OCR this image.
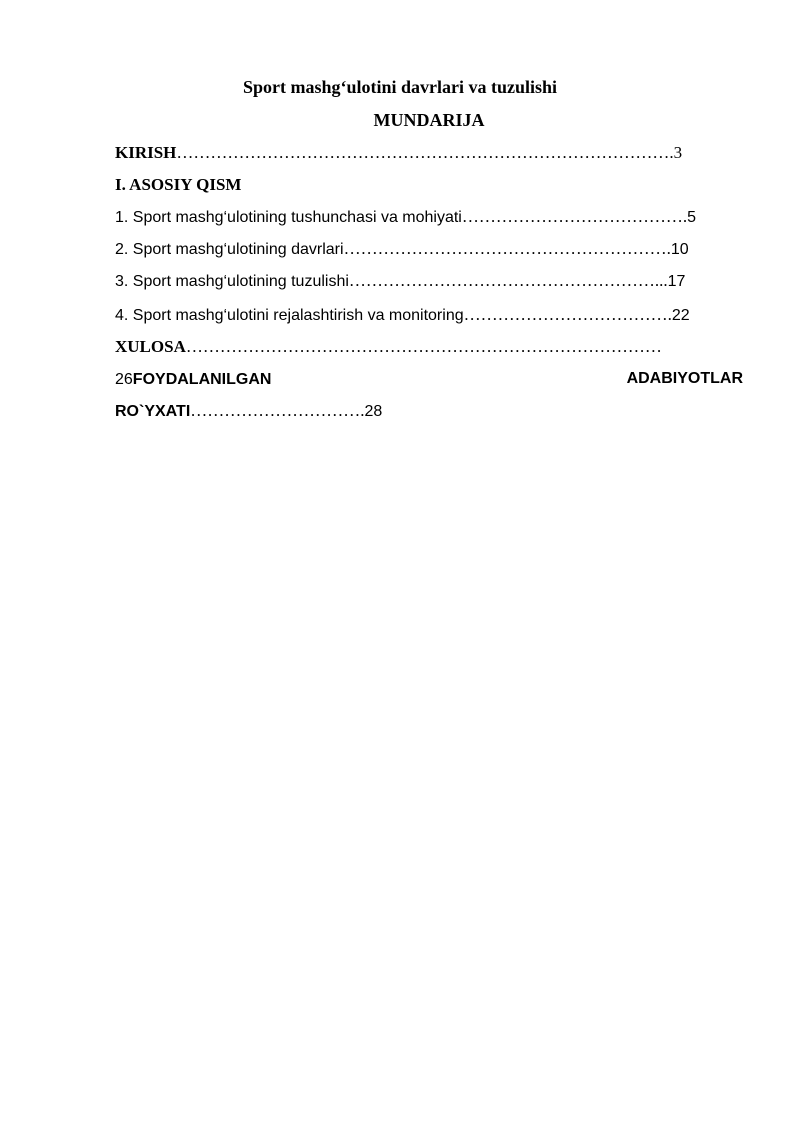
Sport mashg‘ulotini davrlari va tuzulishi
MUNDARIJA
KIRISH…………………………………………………………………………….3
I. ASOSIY QISM
1. Sport mashg‘ulotining tushunchasi va mohiyati………………………………….5
2. Sport mashg‘ulotining davrlari………………………………………………….10
3. Sport mashg‘ulotining tuzulishi………………………………………………...17
4. Sport mashg‘ulotini rejalashtirish va monitoring……………………………….22
XULOSA…………………………………………………………………………
26FOYDALANILGAN	ADABIYOTLAR
RO`YXATI………………………….28
